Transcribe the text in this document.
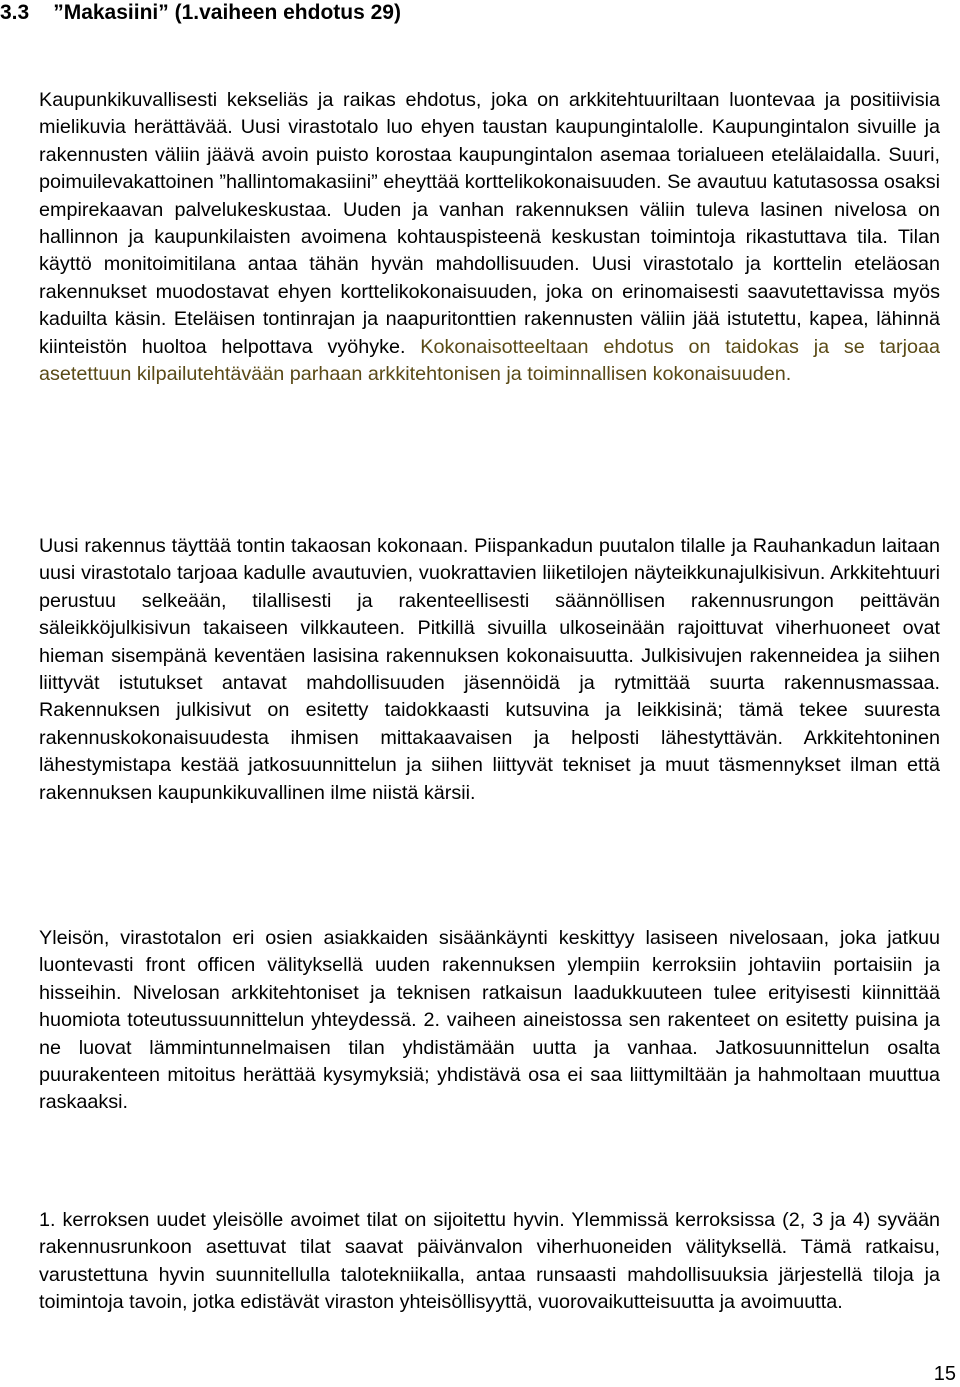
3.3 ”Makasiini” (1.vaiheen ehdotus 29)

Kaupunkikuvallisesti kekseliäs ja raikas ehdotus, joka on arkkitehtuuriltaan luontevaa ja positiivisia mielikuvia herättävää. Uusi virastotalo luo ehyen taustan kaupungintalolle. Kaupungintalon sivuille ja rakennusten väliin jäävä avoin puisto korostaa kaupungintalon asemaa torialueen etelälaidalla. Suuri, poimuilevakattoinen ”hallintomakasiini” eheyttää korttelikokonaisuuden. Se avautuu katutasossa osaksi empirekaavan palvelukeskustaa. Uuden ja vanhan rakennuksen väliin tuleva lasinen nivelosa on hallinnon ja kaupunkilaisten avoimena kohtauspisteenä keskustan toimintoja rikastuttava tila. Tilan käyttö monitoimitilana antaa tähän hyvän mahdollisuuden. Uusi virastotalo ja korttelin eteläosan rakennukset muodostavat ehyen korttelikokonaisuuden, joka on erinomaisesti saavutettavissa myös kaduilta käsin. Eteläisen tontinrajan ja naapuritonttien rakennusten väliin jää istutettu, kapea, lähinnä kiinteistön huoltoa helpottava vyöhyke. Kokonaisotteeltaan ehdotus on taidokas ja se tarjoaa asetettuun kilpailutehtävään parhaan arkkitehtonisen ja toiminnallisen kokonaisuuden.

Uusi rakennus täyttää tontin takaosan kokonaan. Piispankadun puutalon tilalle ja Rauhankadun laitaan uusi virastotalo tarjoaa kadulle avautuvien, vuokrattavien liiketilojen näyteikkunajulkisivun. Arkkitehtuuri perustuu selkeään, tilallisesti ja rakenteellisesti säännöllisen rakennusrungon peittävän säleikköjulkisivun takaiseen vilkkauteen. Pitkillä sivuilla ulkoseinään rajoittuvat viherhuoneet ovat hieman sisempänä keventäen lasisina rakennuksen kokonaisuutta. Julkisivujen rakenneidea ja siihen liittyvät istutukset antavat mahdollisuuden jäsennöidä ja rytmittää suurta rakennusmassaa. Rakennuksen julkisivut on esitetty taidokkaasti kutsuvina ja leikkisinä; tämä tekee suuresta rakennuskokonaisuudesta ihmisen mittakaavaisen ja helposti lähestyttävän. Arkkitehtoninen lähestymistapa kestää jatkosuunnittelun ja siihen liittyvät tekniset ja muut täsmennykset ilman että rakennuksen kaupunkikuvallinen ilme niistä kärsii.

Yleisön, virastotalon eri osien asiakkaiden sisäänkäynti keskittyy lasiseen nivelosaan, joka jatkuu luontevasti front officen välityksellä uuden rakennuksen ylempiin kerroksiin johtaviin portaisiin ja hisseihin. Nivelosan arkkitehtoniset ja teknisen ratkaisun laadukkuuteen tulee erityisesti kiinnittää huomiota toteutussuunnittelun yhteydessä. 2. vaiheen aineistossa sen rakenteet on esitetty puisina ja ne luovat lämmintunnelmaisen tilan yhdistämään uutta ja vanhaa. Jatkosuunnittelun osalta puurakenteen mitoitus herättää kysymyksiä; yhdistävä osa ei saa liittymiltään ja hahmoltaan muuttua raskaaksi.

1. kerroksen uudet yleisölle avoimet tilat on sijoitettu hyvin. Ylemmissä kerroksissa (2, 3 ja 4) syvään rakennusrunkoon asettuvat tilat saavat päivänvalon viherhuoneiden välityksellä. Tämä ratkaisu, varustettuna hyvin suunnitellulla talotekniikalla, antaa runsaasti mahdollisuuksia järjestellä tiloja ja toimintoja tavoin, jotka edistävät viraston yhteisöllisyyttä, vuorovaikutteisuutta ja avoimuutta.

15
